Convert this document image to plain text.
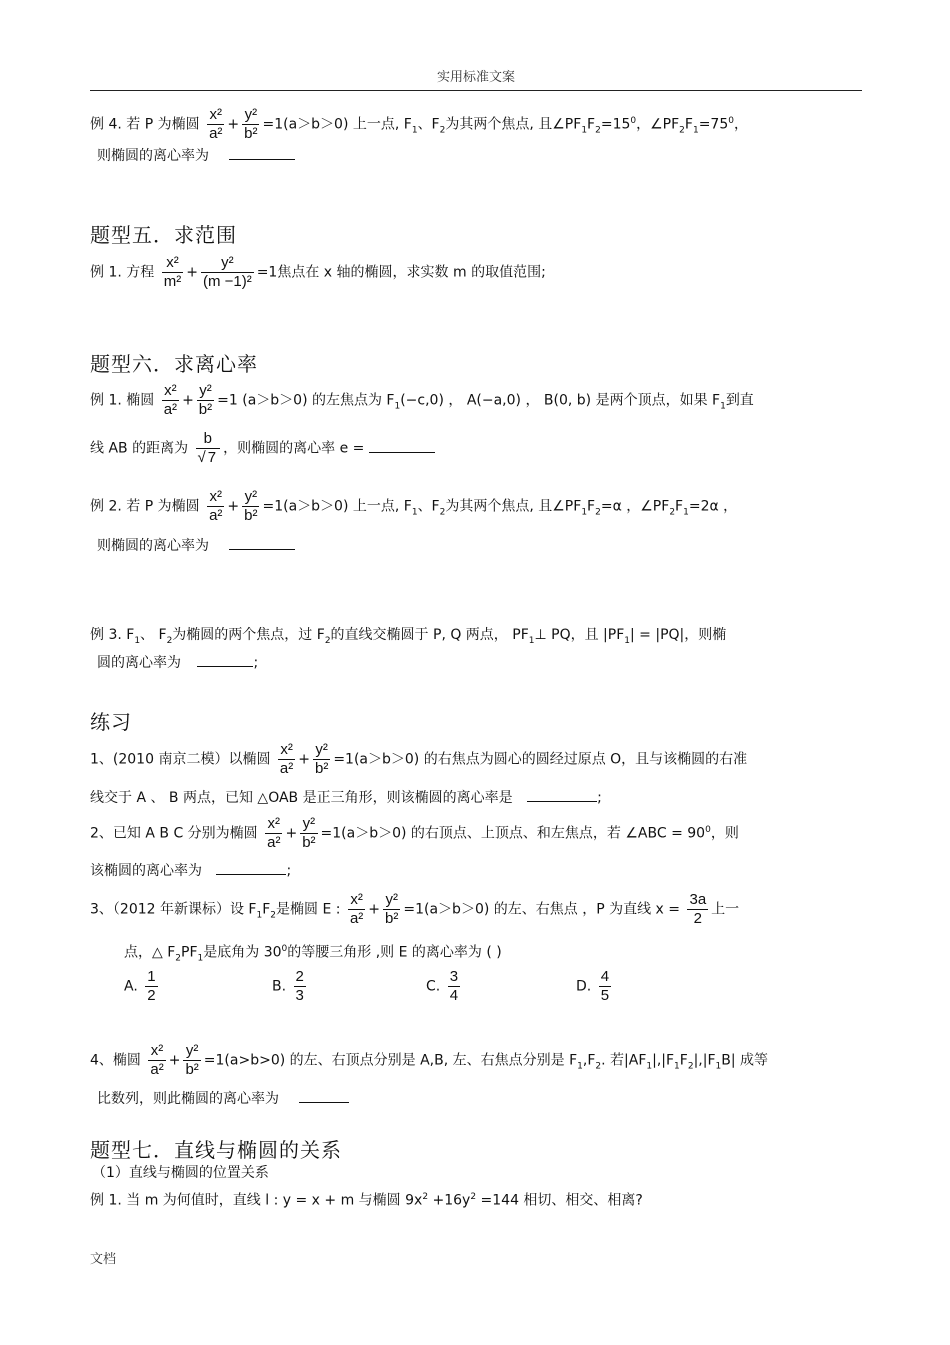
实用标准文案
例 4. 若 P 为椭圆 $\frac{\text{x²}}{\text{a²}} + \frac{\text{y²}}{\text{b²}} =1(a>b>0)$ 上一点, $F_1$、$F_2$为其两个焦点, 且$\angle PF_1F_2=15^0$，$\angle PF_2F_1=75^0$，
则椭圆的离心率为
题型五．求范围
例 1. 方程 $\frac{\text{x²}}{\text{m²}} + \frac{\text{y²}}{\text{(m −1)²}} =1$焦点在 x 轴的椭圆，求实数 m 的取值范围;
题型六．求离心率
例 1. 椭圆 $\frac{\text{x²}}{\text{a²}} + \frac{\text{y²}}{\text{b²}} =1$ (a＞b＞0) 的左焦点为 $F_1(-c,0)$ ， A(−a,0) ， B(0, b) 是两个顶点，如果 $F_1$到直
线 AB 的距离为 $\frac{b}{√ 7}$ ，则椭圆的离心率 e =
例 2. 若 P 为椭圆 $\frac{\text{x²}}{\text{a²}} + \frac{\text{y²}}{\text{b²}} =1(a>b>0)$ 上一点, $F_1$、$F_2$为其两个焦点, 且$\angle PF_1F_2=\alpha$ ，$\angle PF_2F_1=2\alpha$ ，
则椭圆的离心率为
例 3. $F_1$、 $F_2$为椭圆的两个焦点，过 $F_2$的直线交椭圆于 P, Q 两点， $PF_1\perp$ PQ，且 $|PF_1| = |PQ|$，则椭
圆的离心率为	;
练习
1、(2010 南京二模）以椭圆 $\frac{\text{x²}}{\text{a²}} + \frac{\text{y²}}{\text{b²}} =1(a>b>0)$ 的右焦点为圆心的圆经过原点 O，且与该椭圆的右准
线交于 A 、 B 两点，已知 △OAB 是正三角形，则该椭圆的离心率是	;
2、已知 A B C 分别为椭圆 $\frac{\text{x²}}{\text{a²}} + \frac{\text{y²}}{\text{b²}} =1(a>b>0)$ 的右顶点、上顶点、和左焦点，若 ∠ABC = $90^0$，则
该椭圆的离心率为	;
3、（2012 年新课标）设 $F_1F_2$是椭圆 E : $\frac{\text{x²}}{\text{a²}} + \frac{\text{y²}}{\text{b²}} =1(a>b>0)$ 的左、右焦点 ，P 为直线 $x = \frac{3a}{2}$ 上一
点，△ $F_2PF_1$是底角为 $30^0$的等腰三角形 ,则 E 的离心率为 ( )
A. $\frac{1}{2}$	B. $\frac{2}{3}$	C. $\frac{3}{4}$	D. $\frac{4}{5}$
4、椭圆 $\frac{\text{x²}}{\text{a²}} + \frac{\text{y²}}{\text{b²}} =1(a>b>0)$ 的左、右顶点分别是 A,B, 左、右焦点分别是 $F_1,F_2$. 若$|AF_1|,|F_1F_2|,|F_1B|$ 成等
比数列，则此椭圆的离心率为
题型七．直线与椭圆的关系
（1）直线与椭圆的位置关系
例 1. 当 m 为何值时，直线 l : y = x + m 与椭圆 $9x^2 +16y^2 =144$ 相切、相交、相离?
文档
